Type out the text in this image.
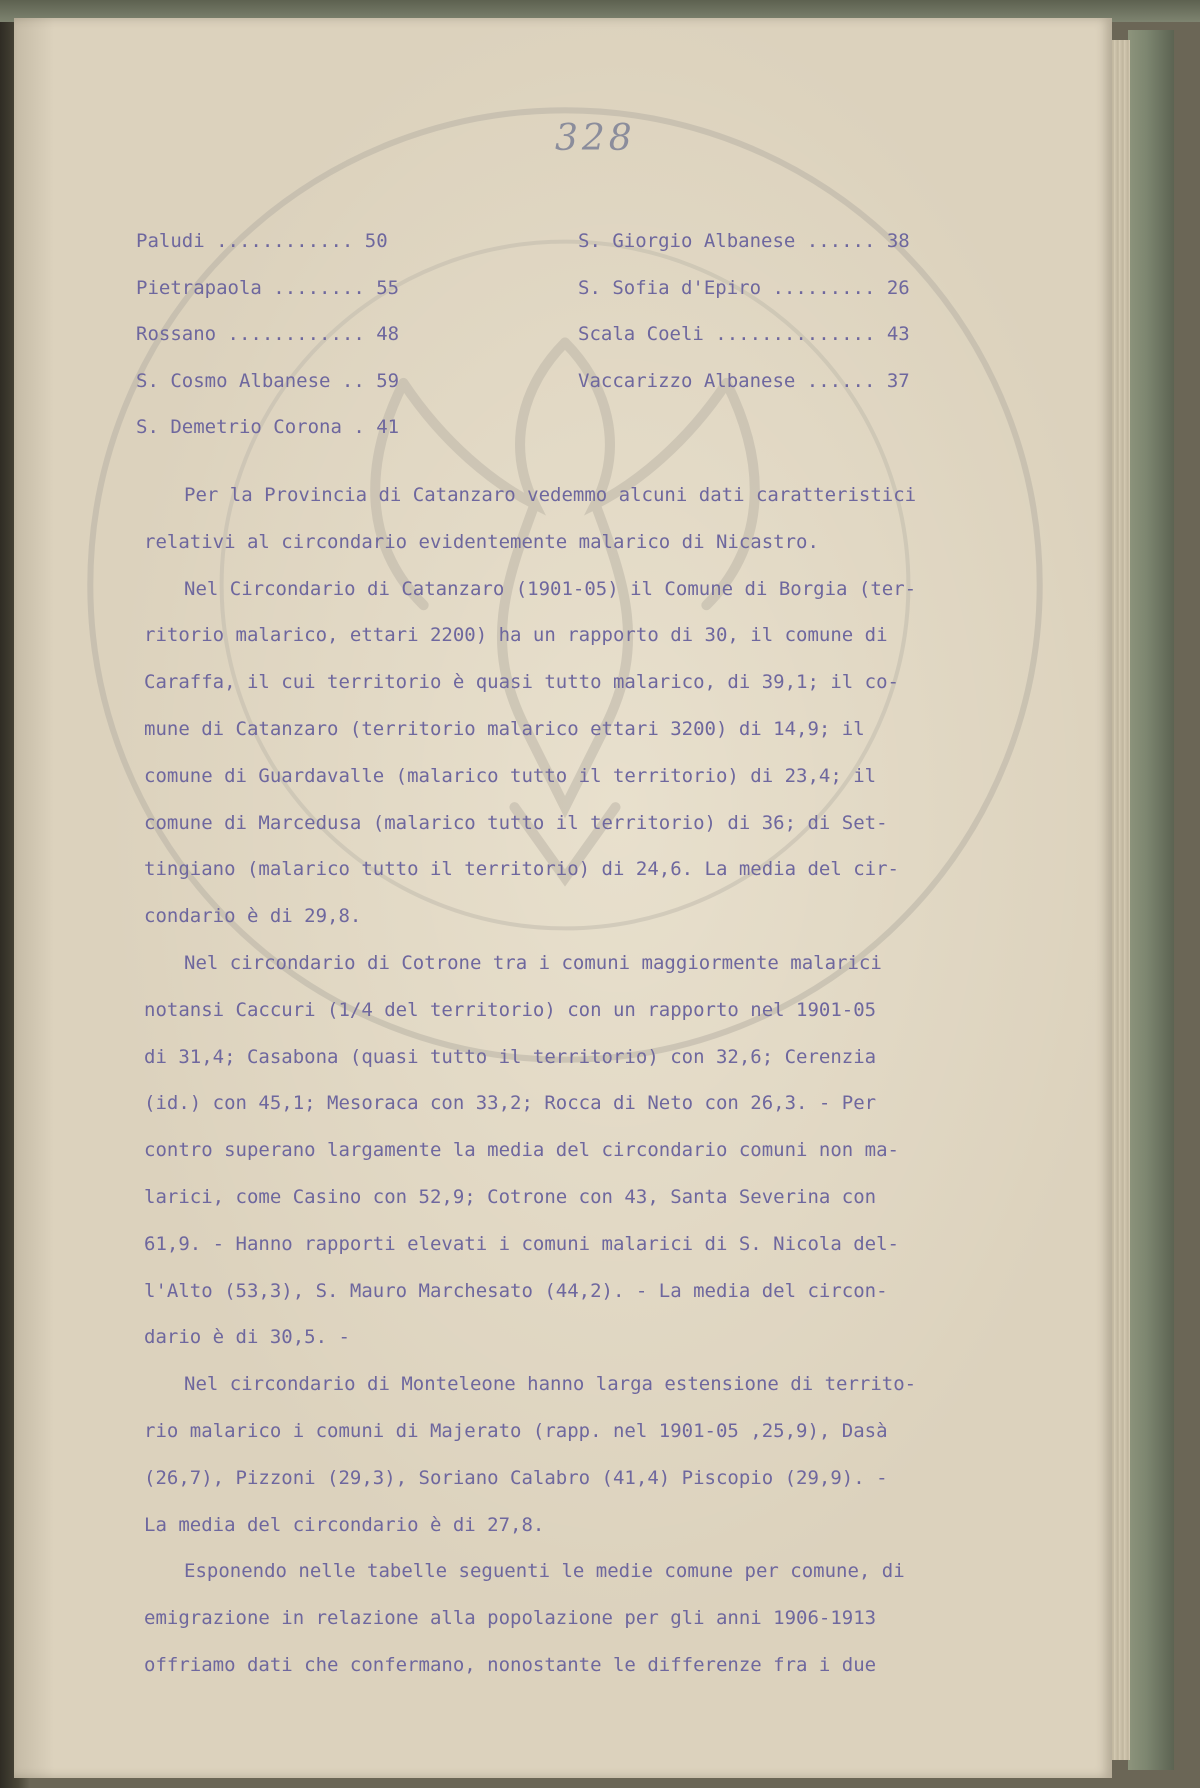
328
Paludi ............ 50
Pietrapaola ........ 55
Rossano ............ 48
S. Cosmo Albanese .. 59
S. Demetrio Corona . 41
S. Giorgio Albanese ...... 38
S. Sofia d'Epiro ......... 26
Scala Coeli .............. 43
Vaccarizzo Albanese ...... 37
Per la Provincia di Catanzaro vedemmo alcuni dati caratteristici
relativi al circondario evidentemente malarico di Nicastro.
Nel Circondario di Catanzaro (1901-05) il Comune di Borgia (ter-
ritorio malarico, ettari 2200) ha un rapporto di 30, il comune di
Caraffa, il cui territorio è quasi tutto malarico, di 39,1; il co-
mune di Catanzaro (territorio malarico ettari 3200) di 14,9; il
comune di Guardavalle (malarico tutto il territorio) di 23,4; il
comune di Marcedusa (malarico tutto il territorio) di 36; di Set-
tingiano (malarico tutto il territorio) di 24,6. La media del cir-
condario è di 29,8.
Nel circondario di Cotrone tra i comuni maggiormente malarici
notansi Caccuri (1/4 del territorio) con un rapporto nel 1901-05
di 31,4; Casabona (quasi tutto il territorio) con 32,6; Cerenzia
(id.) con 45,1; Mesoraca con 33,2; Rocca di Neto con 26,3. - Per
contro superano largamente la media del circondario comuni non ma-
larici, come Casino con 52,9; Cotrone con 43, Santa Severina con
61,9. - Hanno rapporti elevati i comuni malarici di S. Nicola del-
l'Alto (53,3), S. Mauro Marchesato (44,2). - La media del circon-
dario è di 30,5. -
Nel circondario di Monteleone hanno larga estensione di territo-
rio malarico i comuni di Majerato (rapp. nel 1901-05 ,25,9), Dasà
(26,7), Pizzoni (29,3), Soriano Calabro (41,4) Piscopio (29,9). -
La media del circondario è di 27,8.
Esponendo nelle tabelle seguenti le medie comune per comune, di
emigrazione in relazione alla popolazione per gli anni 1906-1913
offriamo dati che confermano, nonostante le differenze fra i due
